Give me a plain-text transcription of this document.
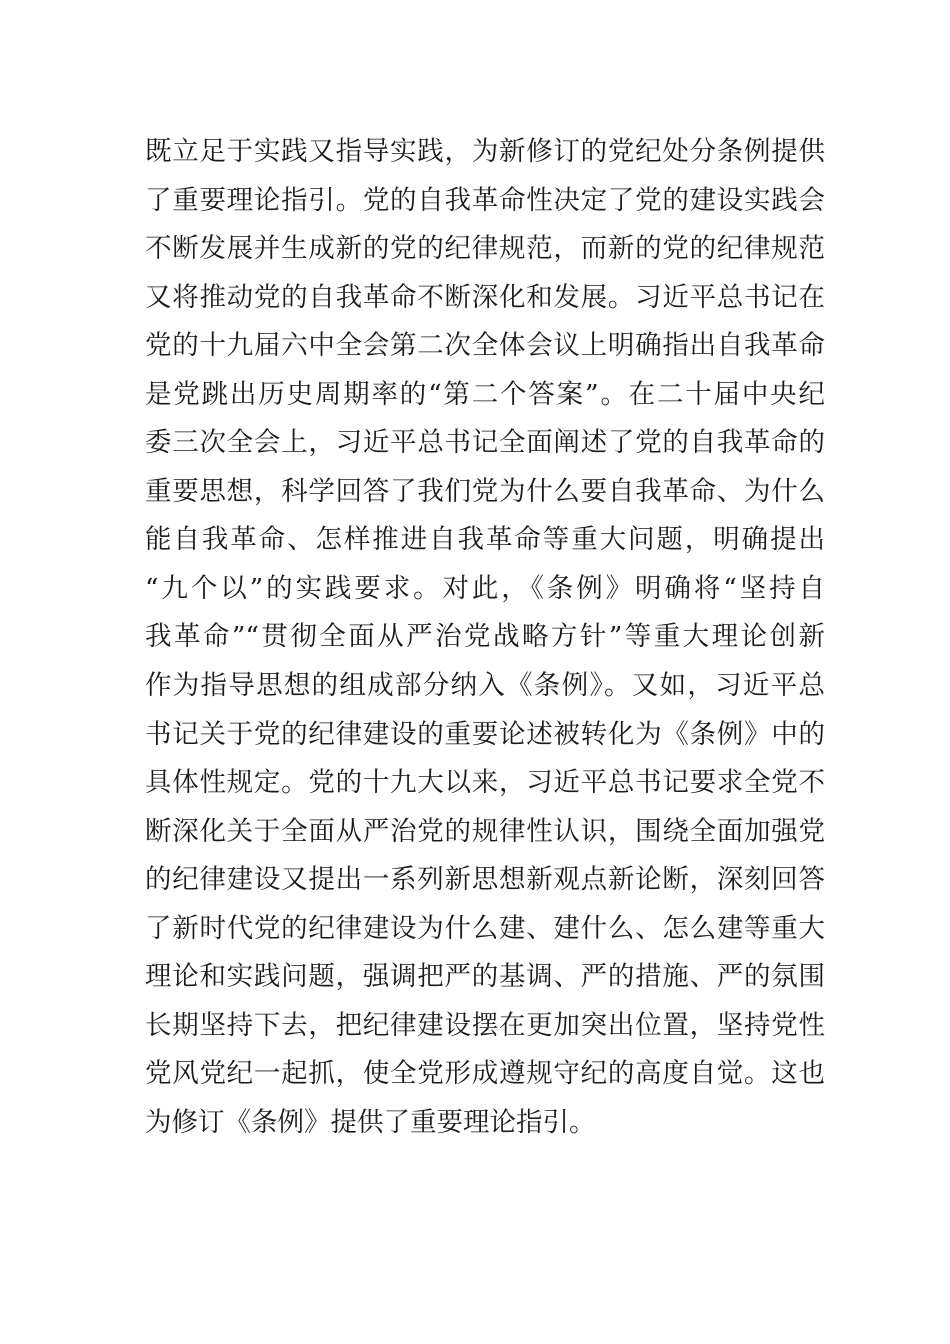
既立足于实践又指导实践，为新修订的党纪处分条例提供
了重要理论指引。党的自我革命性决定了党的建设实践会
不断发展并生成新的党的纪律规范，而新的党的纪律规范
又将推动党的自我革命不断深化和发展。习近平总书记在
党的十九届六中全会第二次全体会议上明确指出自我革命
是党跳出历史周期率的“第二个答案”。在二十届中央纪
委三次全会上，习近平总书记全面阐述了党的自我革命的
重要思想，科学回答了我们党为什么要自我革命、为什么
能自我革命、怎样推进自我革命等重大问题，明确提出
“九个以”的实践要求。对此，《条例》明确将“坚持自
我革命”“贯彻全面从严治党战略方针”等重大理论创新
作为指导思想的组成部分纳入《条例》。又如，习近平总
书记关于党的纪律建设的重要论述被转化为《条例》中的
具体性规定。党的十九大以来，习近平总书记要求全党不
断深化关于全面从严治党的规律性认识，围绕全面加强党
的纪律建设又提出一系列新思想新观点新论断，深刻回答
了新时代党的纪律建设为什么建、建什么、怎么建等重大
理论和实践问题，强调把严的基调、严的措施、严的氛围
长期坚持下去，把纪律建设摆在更加突出位置，坚持党性
党风党纪一起抓，使全党形成遵规守纪的高度自觉。这也
为修订《条例》提供了重要理论指引。
